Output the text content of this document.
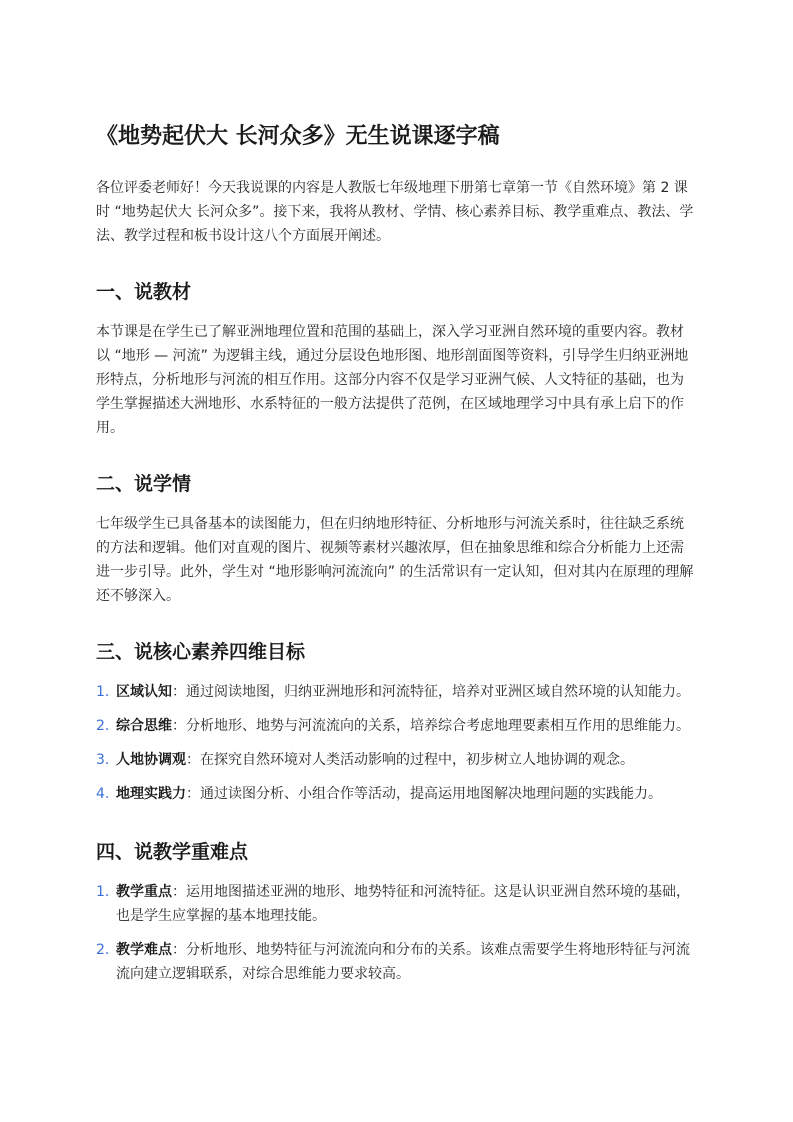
《地势起伏大 长河众多》无生说课逐字稿

各位评委老师好！今天我说课的内容是人教版七年级地理下册第七章第一节《自然环境》第 2 课时 “地势起伏大 长河众多”。接下来，我将从教材、学情、核心素养目标、教学重难点、教法、学法、教学过程和板书设计这八个方面展开阐述。

一、说教材

本节课是在学生已了解亚洲地理位置和范围的基础上，深入学习亚洲自然环境的重要内容。教材以 “地形 — 河流” 为逻辑主线，通过分层设色地形图、地形剖面图等资料，引导学生归纳亚洲地形特点，分析地形与河流的相互作用。这部分内容不仅是学习亚洲气候、人文特征的基础，也为学生掌握描述大洲地形、水系特征的一般方法提供了范例，在区域地理学习中具有承上启下的作用。

二、说学情

七年级学生已具备基本的读图能力，但在归纳地形特征、分析地形与河流关系时，往往缺乏系统的方法和逻辑。他们对直观的图片、视频等素材兴趣浓厚，但在抽象思维和综合分析能力上还需进一步引导。此外，学生对 “地形影响河流流向” 的生活常识有一定认知，但对其内在原理的理解还不够深入。

三、说核心素养四维目标
1. 区域认知：通过阅读地图，归纳亚洲地形和河流特征，培养对亚洲区域自然环境的认知能力。
2. 综合思维：分析地形、地势与河流流向的关系，培养综合考虑地理要素相互作用的思维能力。
3. 人地协调观：在探究自然环境对人类活动影响的过程中，初步树立人地协调的观念。
4. 地理实践力：通过读图分析、小组合作等活动，提高运用地图解决地理问题的实践能力。
四、说教学重难点
1. 教学重点：运用地图描述亚洲的地形、地势特征和河流特征。这是认识亚洲自然环境的基础，也是学生应掌握的基本地理技能。
2. 教学难点：分析地形、地势特征与河流流向和分布的关系。该难点需要学生将地形特征与河流流向建立逻辑联系，对综合思维能力要求较高。
